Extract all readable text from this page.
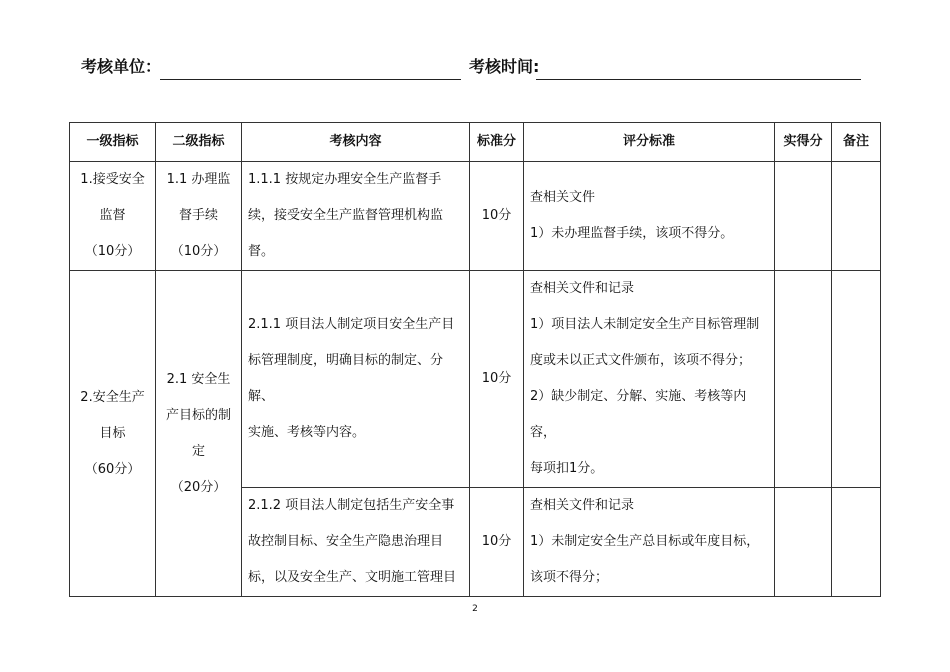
考核单位：	考核时间:
一级指标	二级指标	考核内容	标准分	评分标准	实得分	备注

1.接受安全
监督
（10分）	1.1 办理监
督手续
（10分）	1.1.1 按规定办理安全生产监督手
续，接受安全生产监督管理机构监
督。	10分	查相关文件
1）未办理监督手续，该项不得分。		

2.安全生产
目标
（60分）	2.1 安全生
产目标的制
定
（20分）	2.1.1 项目法人制定项目安全生产目
标管理制度，明确目标的制定、分解、
实施、考核等内容。	10分	查相关文件和记录
1）项目法人未制定安全生产目标管理制
度或未以正式文件颁布，该项不得分；
2）缺少制定、分解、实施、考核等内容，
每项扣1分。		

		2.1.2 项目法人制定包括生产安全事
故控制目标、安全生产隐患治理目
标，以及安全生产、文明施工管理目	10分	查相关文件和记录
1）未制定安全生产总目标或年度目标，
该项不得分；		

2
